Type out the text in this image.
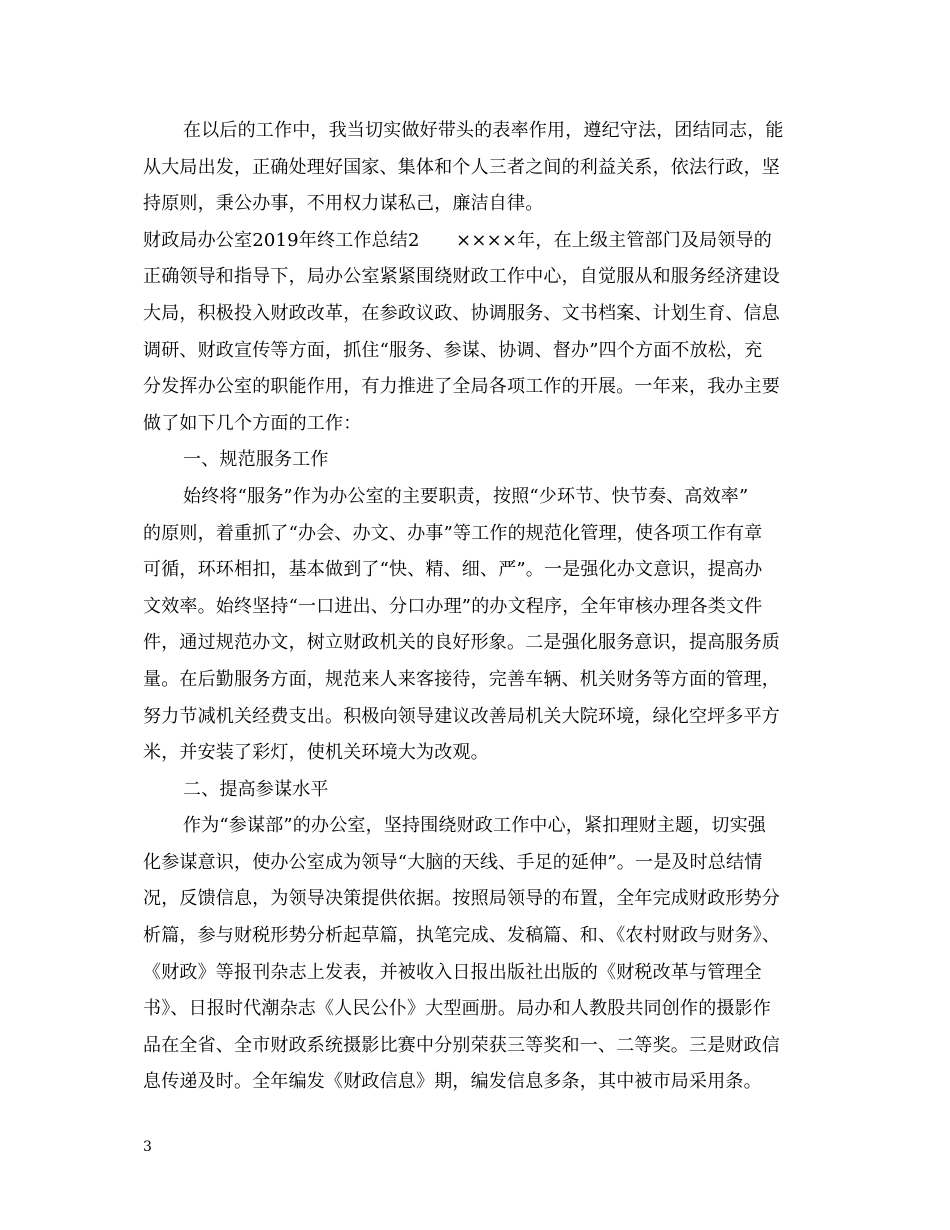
在以后的工作中，我当切实做好带头的表率作用，遵纪守法，团结同志，能
从大局出发，正确处理好国家、集体和个人三者之间的利益关系，依法行政，坚
持原则，秉公办事，不用权力谋私己，廉洁自律。
财政局办公室2019年终工作总结2　　××××年，在上级主管部门及局领导的
正确领导和指导下，局办公室紧紧围绕财政工作中心，自觉服从和服务经济建设
大局，积极投入财政改革，在参政议政、协调服务、文书档案、计划生育、信息
调研、财政宣传等方面，抓住“服务、参谋、协调、督办”四个方面不放松，充
分发挥办公室的职能作用，有力推进了全局各项工作的开展。一年来，我办主要
做了如下几个方面的工作：
一、规范服务工作
始终将“服务”作为办公室的主要职责，按照“少环节、快节奏、高效率”
的原则，着重抓了“办会、办文、办事”等工作的规范化管理，使各项工作有章
可循，环环相扣，基本做到了“快、精、细、严”。一是强化办文意识，提高办
文效率。始终坚持“一口进出、分口办理”的办文程序，全年审核办理各类文件
件，通过规范办文，树立财政机关的良好形象。二是强化服务意识，提高服务质
量。在后勤服务方面，规范来人来客接待，完善车辆、机关财务等方面的管理，
努力节减机关经费支出。积极向领导建议改善局机关大院环境，绿化空坪多平方
米，并安装了彩灯，使机关环境大为改观。
二、提高参谋水平
作为“参谋部”的办公室，坚持围绕财政工作中心，紧扣理财主题，切实强
化参谋意识，使办公室成为领导“大脑的天线、手足的延伸”。一是及时总结情
况，反馈信息，为领导决策提供依据。按照局领导的布置，全年完成财政形势分
析篇，参与财税形势分析起草篇，执笔完成、发稿篇、和、《农村财政与财务》、
《财政》等报刊杂志上发表，并被收入日报出版社出版的《财税改革与管理全
书》、日报时代潮杂志《人民公仆》大型画册。局办和人教股共同创作的摄影作
品在全省、全市财政系统摄影比赛中分别荣获三等奖和一、二等奖。三是财政信
息传递及时。全年编发《财政信息》期，编发信息多条，其中被市局采用条。
3
